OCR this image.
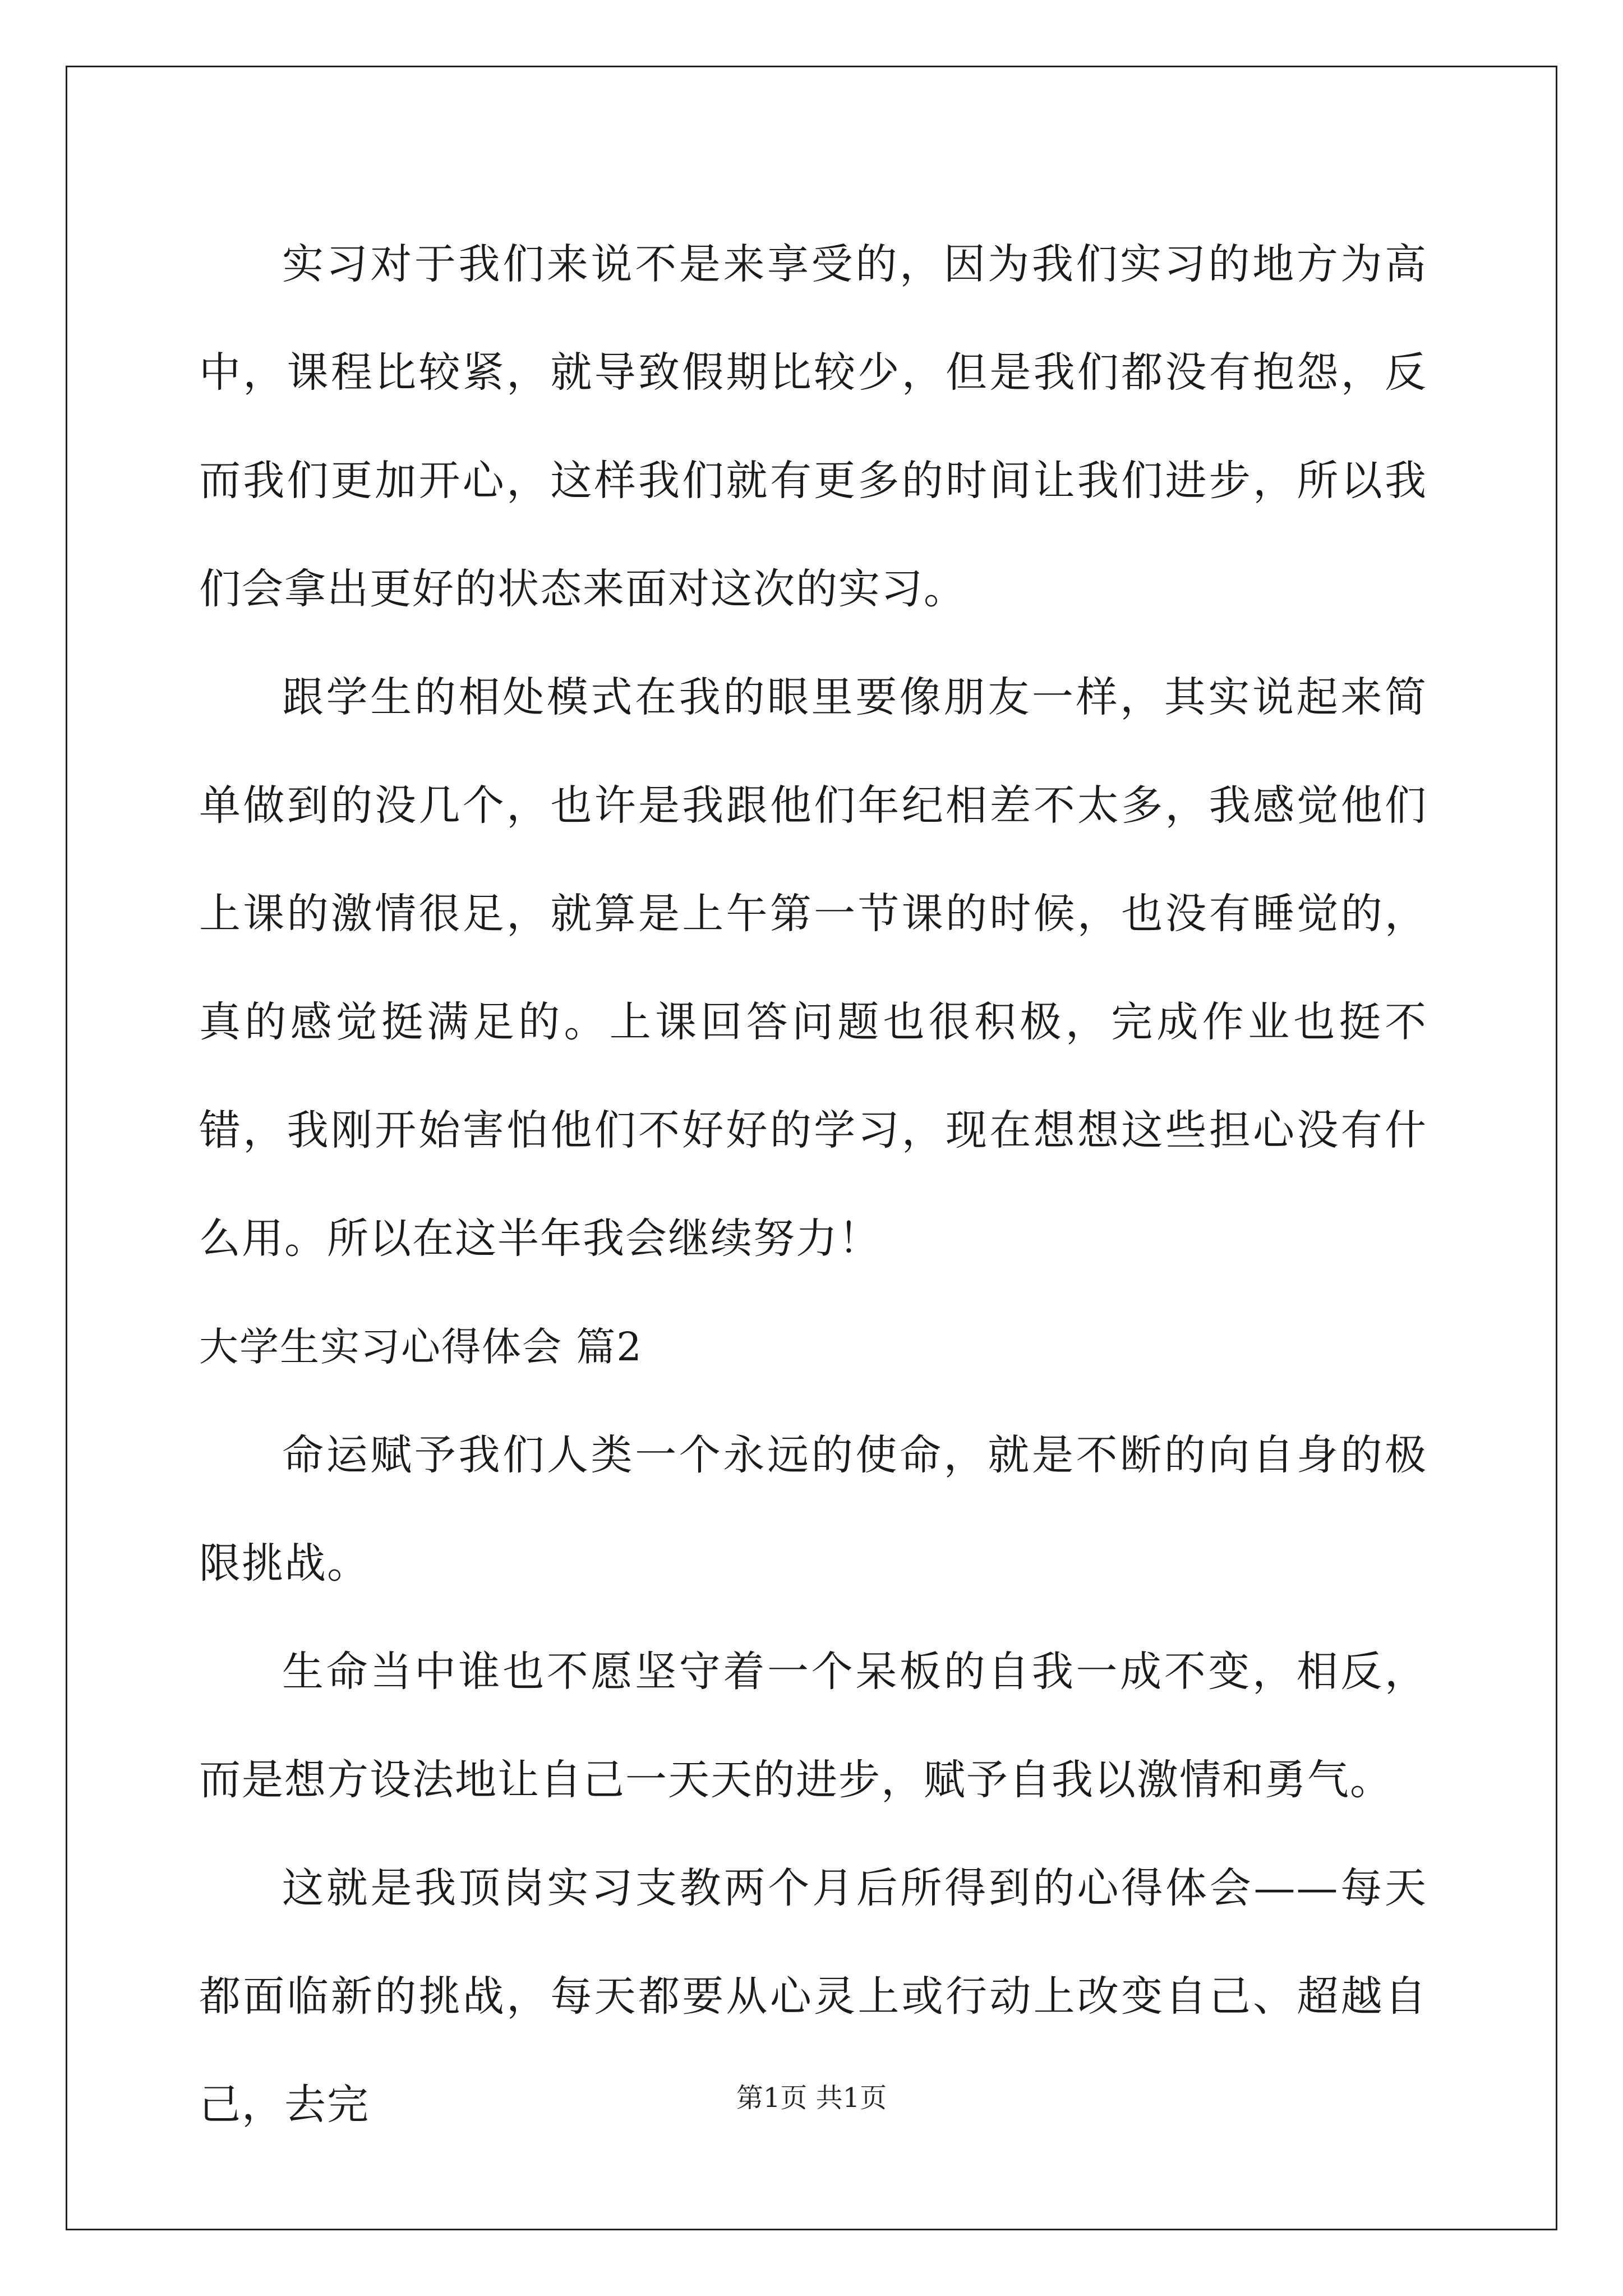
实习对于我们来说不是来享受的，因为我们实习的地方为高中，课程比较紧，就导致假期比较少，但是我们都没有抱怨，反而我们更加开心，这样我们就有更多的时间让我们进步，所以我们会拿出更好的状态来面对这次的实习。

跟学生的相处模式在我的眼里要像朋友一样，其实说起来简单做到的没几个，也许是我跟他们年纪相差不太多，我感觉他们上课的激情很足，就算是上午第一节课的时候，也没有睡觉的，真的感觉挺满足的。上课回答问题也很积极，完成作业也挺不错，我刚开始害怕他们不好好的学习，现在想想这些担心没有什么用。所以在这半年我会继续努力！

大学生实习心得体会 篇2

命运赋予我们人类一个永远的使命，就是不断的向自身的极限挑战。

生命当中谁也不愿坚守着一个呆板的自我一成不变，相反，而是想方设法地让自己一天天的进步，赋予自我以激情和勇气。

这就是我顶岗实习支教两个月后所得到的心得体会——每天都面临新的挑战，每天都要从心灵上或行动上改变自己、超越自己，去完	第1页 共1页
